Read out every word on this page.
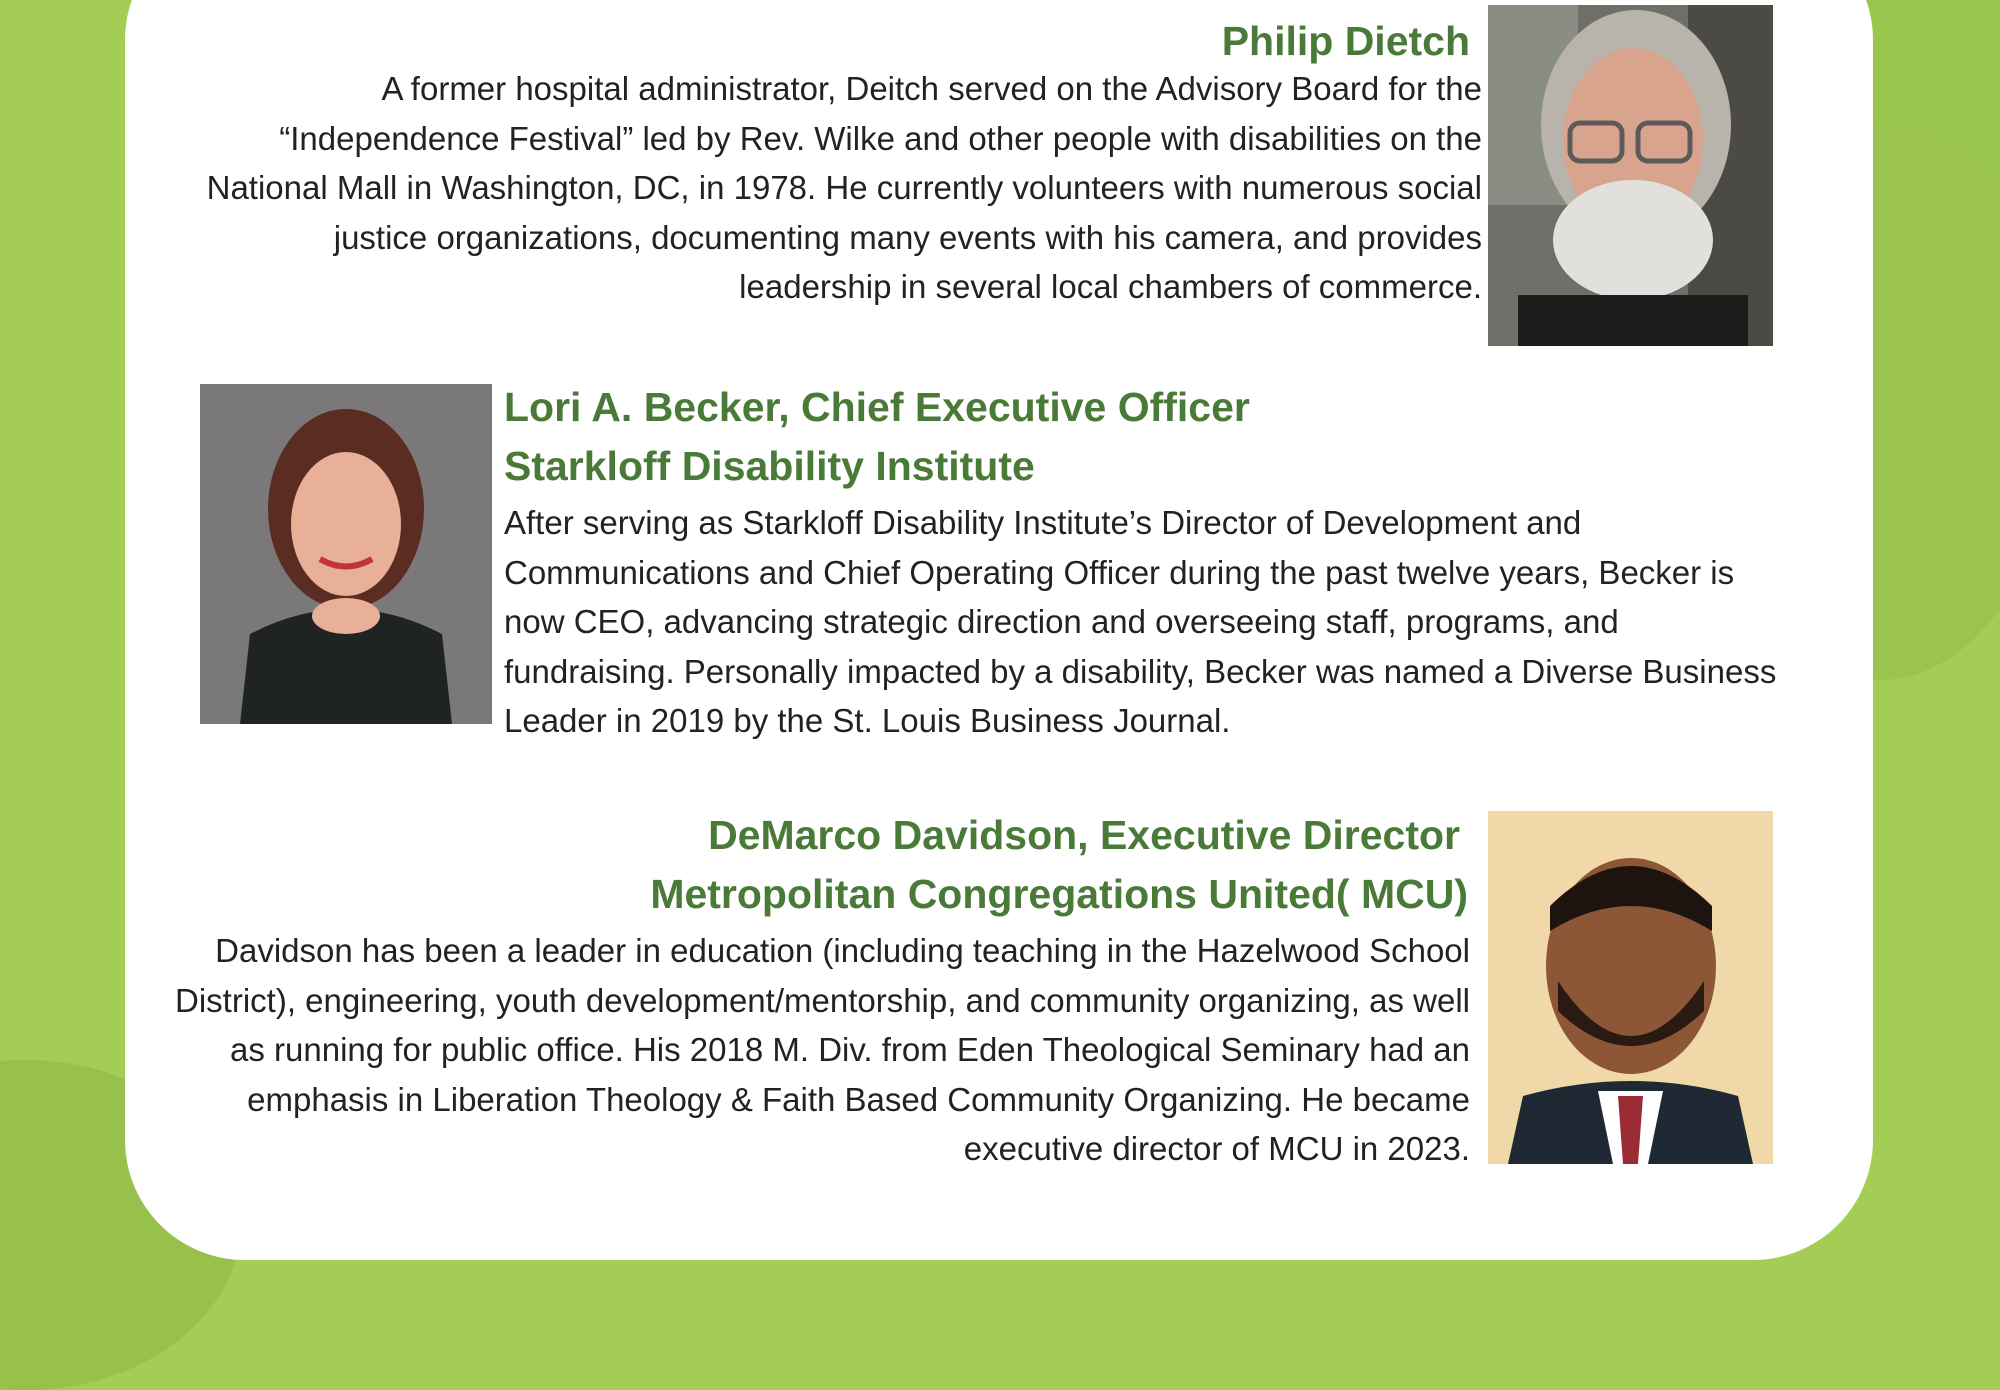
Philip Dietch

A former hospital administrator, Deitch served on the Advisory Board for the “Independence Festival” led by Rev. Wilke and other people with disabilities on the National Mall in Washington, DC, in 1978. He currently volunteers with numerous social justice organizations, documenting many events with his camera, and provides leadership in several local chambers of commerce.

Lori A. Becker, Chief Executive Officer
Starkloff Disability Institute

After serving as Starkloff Disability Institute’s Director of Development and Communications and Chief Operating Officer during the past twelve years, Becker is now CEO, advancing strategic direction and overseeing staff, programs, and fundraising. Personally impacted by a disability, Becker was named a Diverse Business Leader in 2019 by the St. Louis Business Journal.

DeMarco Davidson, Executive Director
Metropolitan Congregations United( MCU)

Davidson has been a leader in education (including teaching in the Hazelwood School District), engineering, youth development/mentorship, and community organizing, as well as running for public office. His 2018 M. Div. from Eden Theological Seminary had an emphasis in Liberation Theology & Faith Based Community Organizing. He became executive director of MCU in 2023.
